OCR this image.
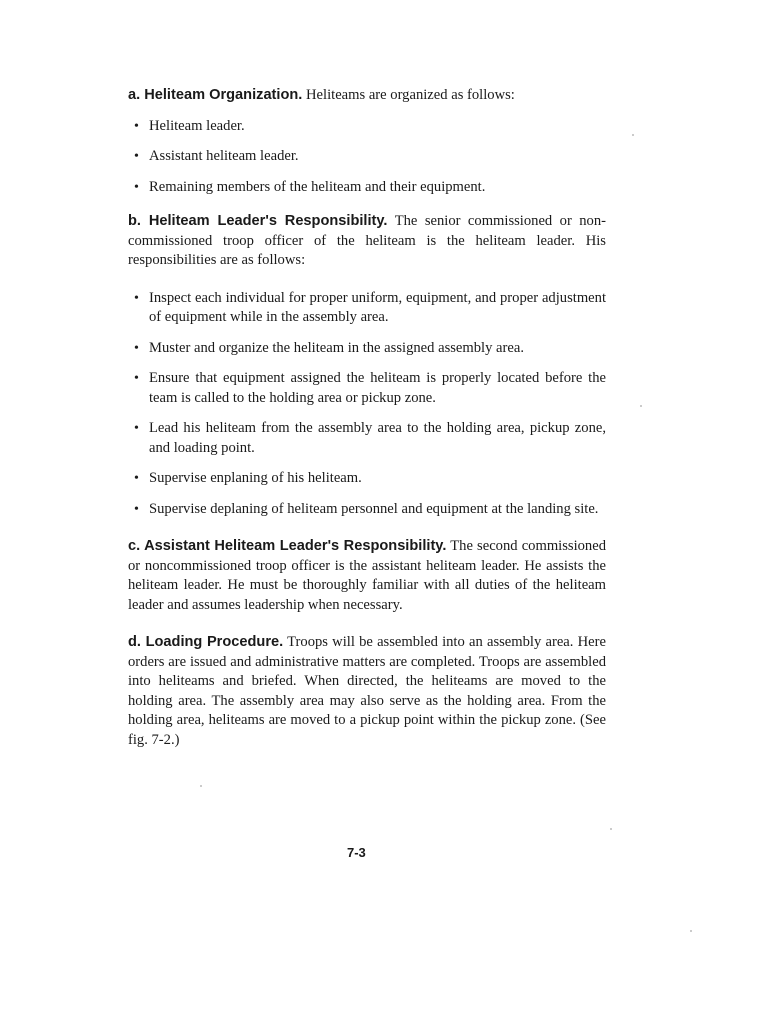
a. Heliteam Organization. Heliteams are organized as follows:

• Heliteam leader.
• Assistant heliteam leader.
• Remaining members of the heliteam and their equipment.

b. Heliteam Leader's Responsibility. The senior commissioned or non-commissioned troop officer of the heliteam is the heliteam leader. His responsibilities are as follows:

• Inspect each individual for proper uniform, equipment, and proper adjustment of equipment while in the assembly area.
• Muster and organize the heliteam in the assigned assembly area.
• Ensure that equipment assigned the heliteam is properly located before the team is called to the holding area or pickup zone.
• Lead his heliteam from the assembly area to the holding area, pickup zone, and loading point.
• Supervise enplaning of his heliteam.
• Supervise deplaning of heliteam personnel and equipment at the landing site.

c. Assistant Heliteam Leader's Responsibility. The second commissioned or noncommissioned troop officer is the assistant heliteam leader. He assists the heliteam leader. He must be thoroughly familiar with all duties of the heliteam leader and assumes leadership when necessary.

d. Loading Procedure. Troops will be assembled into an assembly area. Here orders are issued and administrative matters are completed. Troops are assembled into heliteams and briefed. When directed, the heliteams are moved to the holding area. The assembly area may also serve as the holding area. From the holding area, heliteams are moved to a pickup point within the pickup zone. (See fig. 7-2.)

7-3
